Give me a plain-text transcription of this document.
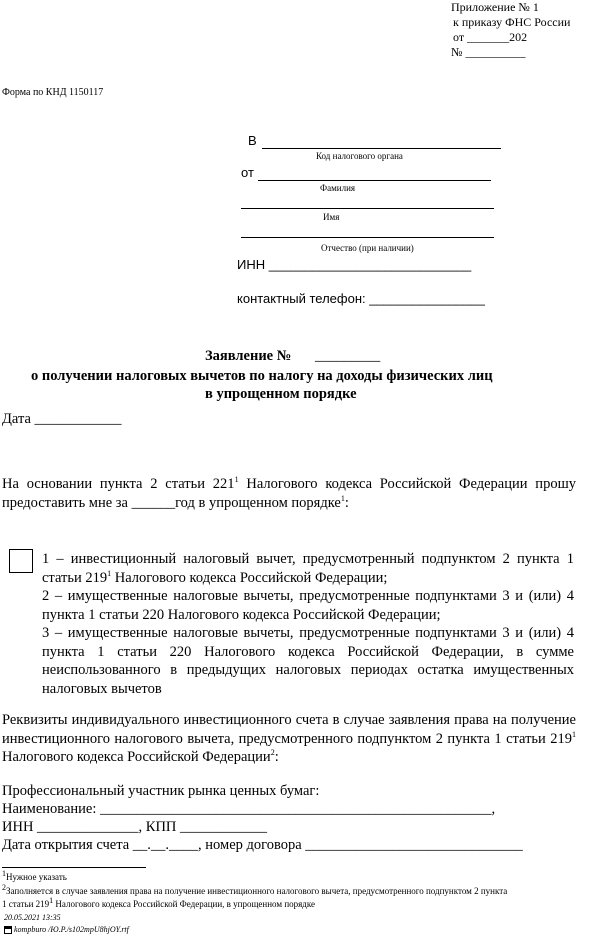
Приложение № 1
к приказу ФНС России
от _______202
№ __________
Форма по КНД 1150117
В
Код налогового органа
от
Фамилия
Имя
Отчество (при наличии)
ИНН ____________________________
контактный телефон: ________________
Заявление № _________
о получении налоговых вычетов по налогу на доходы физических лиц
в упрощенном порядке
Дата ____________
На основании пункта 2 статьи $221^1$ Налогового кодекса Российской Федерации прошу предоставить мне за ______год в упрощенном порядке$^1$:
1 – инвестиционный налоговый вычет, предусмотренный подпунктом 2 пункта 1 статьи $219^1$ Налогового кодекса Российской Федерации;
2 – имущественные налоговые вычеты, предусмотренные подпунктами 3 и (или) 4 пункта 1 статьи 220 Налогового кодекса Российской Федерации;
3 – имущественные налоговые вычеты, предусмотренные подпунктами 3 и (или) 4 пункта 1 статьи 220 Налогового кодекса Российской Федерации, в сумме неиспользованного в предыдущих налоговых периодах остатка имущественных налоговых вычетов
Реквизиты индивидуального инвестиционного счета в случае заявления права на получение инвестиционного налогового вычета, предусмотренного подпунктом 2 пункта 1 статьи $219^1$ Налогового кодекса Российской Федерации$^2$:
Профессиональный участник рынка ценных бумаг:
Наименование: ______________________________________________________,
ИНН ______________, КПП ____________
Дата открытия счета __.__.____, номер договора ______________________________
$^1$Нужное указать
$^2$Заполняется в случае заявления права на получение инвестиционного налогового вычета, предусмотренного подпунктом 2 пункта
1 статьи $219^1$ Налогового кодекса Российской Федерации, в упрощенном порядке
20.05.2021 13:35
kompburo /Ю.Р./s102mpU8hjOY.rtf
